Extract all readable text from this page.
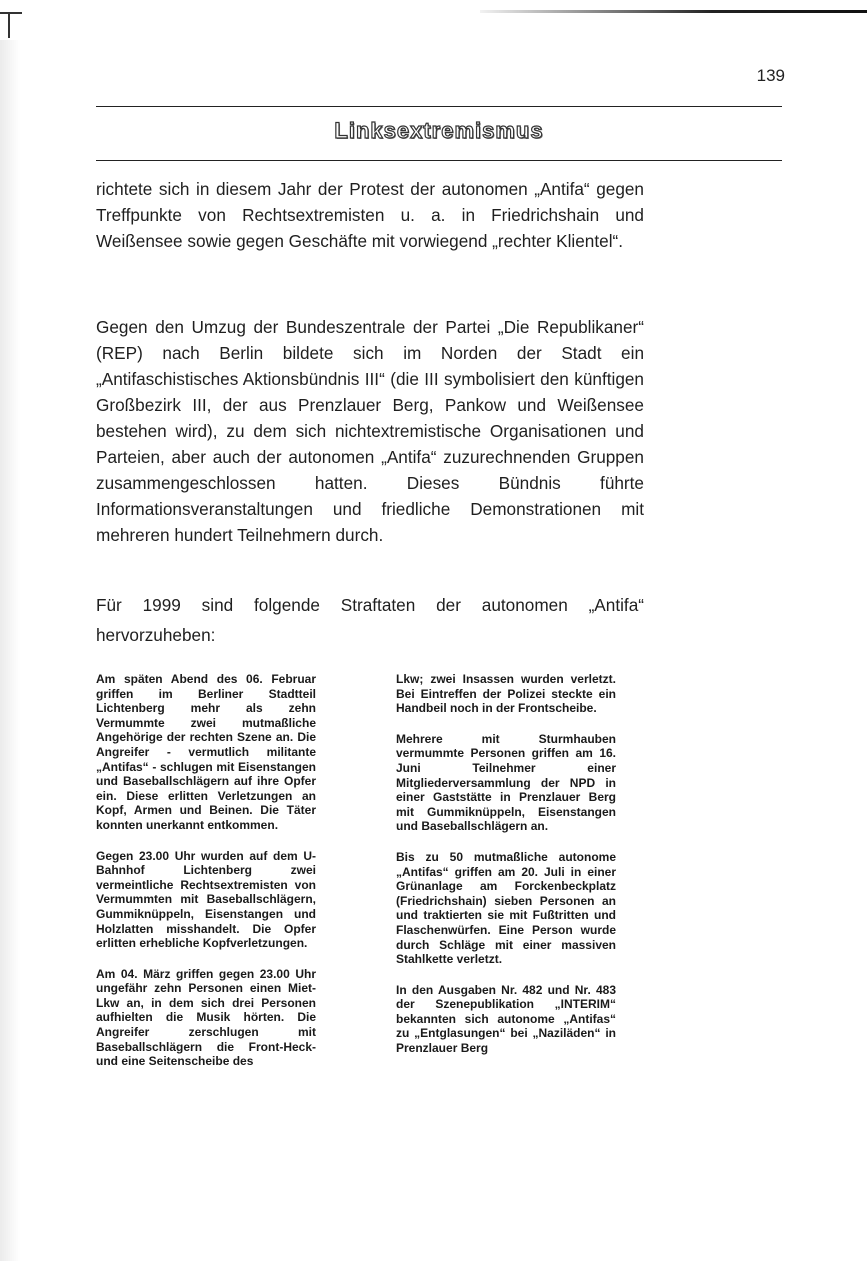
139
Linksextremismus

richtete sich in diesem Jahr der Protest der autonomen „Antifa“ gegen Treffpunkte von Rechtsextremisten u. a. in Friedrichshain und Weißensee sowie gegen Geschäfte mit vorwiegend „rechter Klientel“.

Gegen den Umzug der Bundeszentrale der Partei „Die Republikaner“ (REP) nach Berlin bildete sich im Norden der Stadt ein „Antifaschistisches Aktionsbündnis III“ (die III symbolisiert den künftigen Großbezirk III, der aus Prenzlauer Berg, Pankow und Weißensee bestehen wird), zu dem sich nichtextremistische Organisationen und Parteien, aber auch der autonomen „Antifa“ zuzurechnenden Gruppen zusammengeschlossen hatten. Dieses Bündnis führte Informationsveranstaltungen und friedliche Demonstrationen mit mehreren hundert Teilnehmern durch.

Für 1999 sind folgende Straftaten der autonomen „Antifa“ hervorzuheben:

Am späten Abend des 06. Februar griffen im Berliner Stadtteil Lichtenberg mehr als zehn Vermummte zwei mutmaßliche Angehörige der rechten Szene an. Die Angreifer - vermutlich militante „Antifas“ - schlugen mit Eisenstangen und Baseballschlägern auf ihre Opfer ein. Diese erlitten Verletzungen an Kopf, Armen und Beinen. Die Täter konnten unerkannt entkommen.

Gegen 23.00 Uhr wurden auf dem U-Bahnhof Lichtenberg zwei vermeintliche Rechtsextremisten von Vermummten mit Baseballschlägern, Gummiknüppeln, Eisenstangen und Holzlatten misshandelt. Die Opfer erlitten erhebliche Kopfverletzungen.

Am 04. März griffen gegen 23.00 Uhr ungefähr zehn Personen einen Miet-Lkw an, in dem sich drei Personen aufhielten die Musik hörten. Die Angreifer zerschlugen mit Baseballschlägern die Front-Heck- und eine Seitenscheibe des

Lkw; zwei Insassen wurden verletzt. Bei Eintreffen der Polizei steckte ein Handbeil noch in der Frontscheibe.

Mehrere mit Sturmhauben vermummte Personen griffen am 16. Juni Teilnehmer einer Mitgliederversammlung der NPD in einer Gaststätte in Prenzlauer Berg mit Gummiknüppeln, Eisenstangen und Baseballschlägern an.

Bis zu 50 mutmaßliche autonome „Antifas“ griffen am 20. Juli in einer Grünanlage am Forckenbeckplatz (Friedrichshain) sieben Personen an und traktierten sie mit Fußtritten und Flaschenwürfen. Eine Person wurde durch Schläge mit einer massiven Stahlkette verletzt.

In den Ausgaben Nr. 482 und Nr. 483 der Szenepublikation „INTERIM“ bekannten sich autonome „Antifas“ zu „Entglasungen“ bei „Naziläden“ in Prenzlauer Berg
